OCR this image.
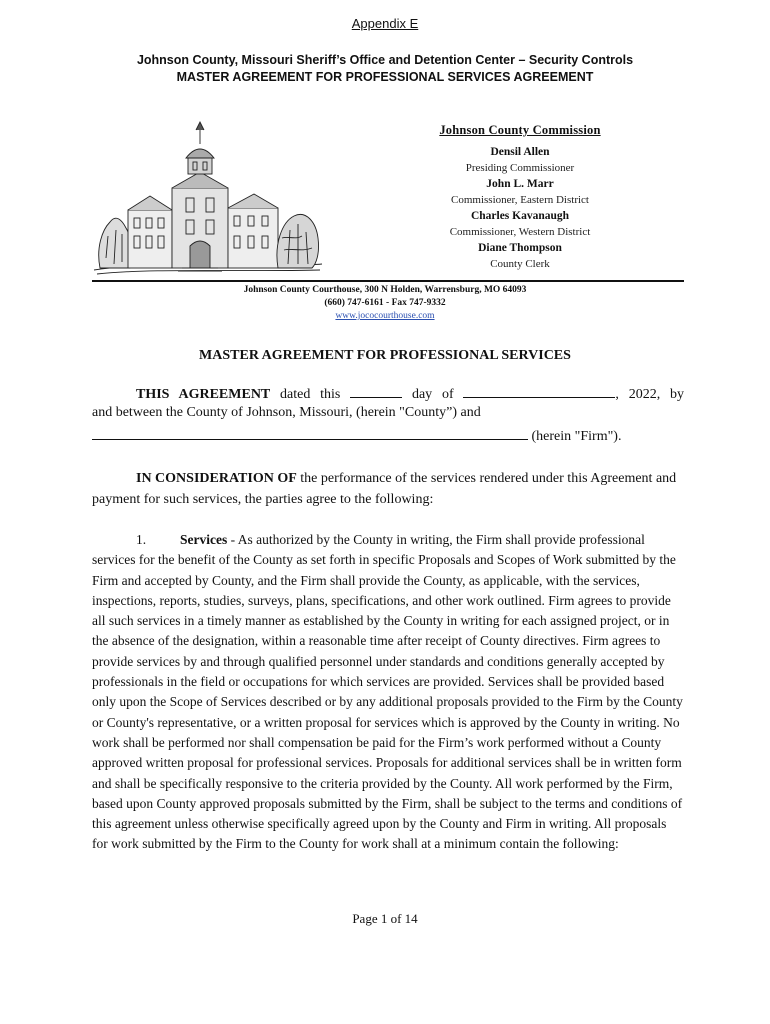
Appendix E
Johnson County, Missouri Sheriff’s Office and Detention Center – Security Controls
MASTER AGREEMENT FOR PROFESSIONAL SERVICES AGREEMENT
Johnson County Commission
Densil Allen
Presiding Commissioner
John L. Marr
Commissioner, Eastern District
Charles Kavanaugh
Commissioner, Western District
Diane Thompson
County Clerk
Johnson County Courthouse, 300 N Holden, Warrensburg, MO 64093
(660) 747-6161 - Fax 747-9332
www.jococourthouse.com
MASTER AGREEMENT FOR PROFESSIONAL SERVICES
THIS AGREEMENT dated this	day of	, 2022, by
and between the County of Johnson, Missouri, (herein "County”) and
(herein "Firm").
IN CONSIDERATION OF the performance of the services rendered under this Agreement and payment for such services, the parties agree to the following:
1.	Services - As authorized by the County in writing, the Firm shall provide professional services for the benefit of the County as set forth in specific Proposals and Scopes of Work submitted by the Firm and accepted by County, and the Firm shall provide the County, as applicable, with the services, inspections, reports, studies, surveys, plans, specifications, and other work outlined. Firm agrees to provide all such services in a timely manner as established by the County in writing for each assigned project, or in the absence of the designation, within a reasonable time after receipt of County directives. Firm agrees to provide services by and through qualified personnel under standards and conditions generally accepted by professionals in the field or occupations for which services are provided. Services shall be provided based only upon the Scope of Services described or by any additional proposals provided to the Firm by the County or County's representative, or a written proposal for services which is approved by the County in writing. No work shall be performed nor shall compensation be paid for the Firm’s work performed without a County approved written proposal for professional services. Proposals for additional services shall be in written form and shall be specifically responsive to the criteria provided by the County. All work performed by the Firm, based upon County approved proposals submitted by the Firm, shall be subject to the terms and conditions of this agreement unless otherwise specifically agreed upon by the County and Firm in writing. All proposals for work submitted by the Firm to the County for work shall at a minimum contain the following:
Page 1 of 14
